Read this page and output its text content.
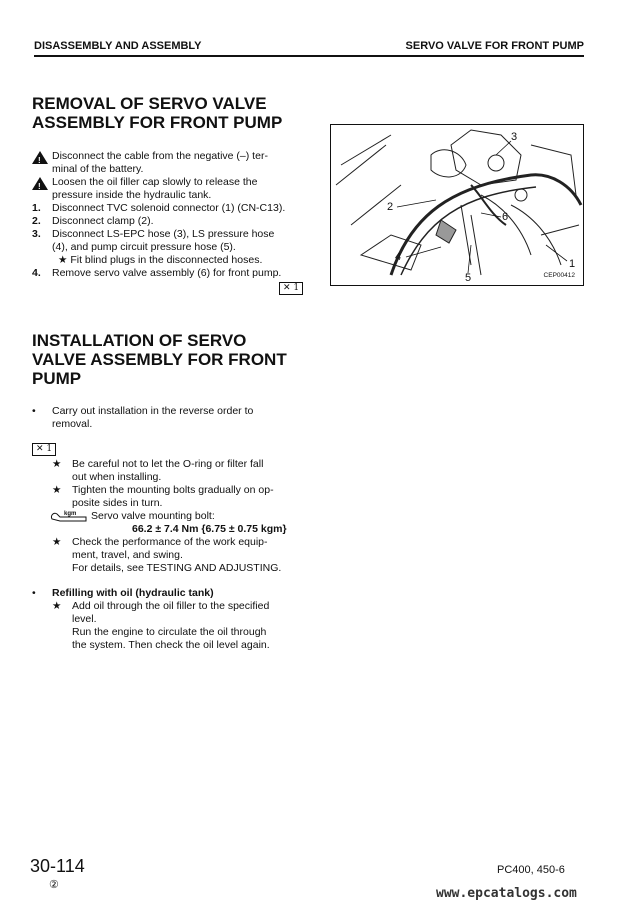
DISASSEMBLY AND ASSEMBLY	SERVO VALVE FOR FRONT PUMP
REMOVAL OF SERVO VALVE
ASSEMBLY FOR FRONT PUMP
! Disconnect the cable from the negative (–) ter-
minal of the battery.
! Loosen the oil filler cap slowly to release the
pressure inside the hydraulic tank.
1. Disconnect TVC solenoid connector (1) (CN-C13).
2. Disconnect clamp (2).
3. Disconnect LS-EPC hose (3), LS pressure hose
(4), and pump circuit pressure hose (5).
★ Fit blind plugs in the disconnected hoses.
4. Remove servo valve assembly (6) for front pump.
✕ 1
2
3
4
5
6
1
CEP00412
INSTALLATION OF SERVO
VALVE ASSEMBLY FOR FRONT
PUMP
• Carry out installation in the reverse order to
removal.
✕ 1
★ Be careful not to let the O-ring or filter fall
out when installing.
★ Tighten the mounting bolts gradually on op-
posite sides in turn.
kgm Servo valve mounting bolt:
66.2 ± 7.4 Nm {6.75 ± 0.75 kgm}
★ Check the performance of the work equip-
ment, travel, and swing.
For details, see TESTING AND ADJUSTING.
• Refilling with oil (hydraulic tank)
★ Add oil through the oil filler to the specified
level.
Run the engine to circulate the oil through
the system. Then check the oil level again.
30-114
②
PC400, 450-6
www.epcatalogs.com
